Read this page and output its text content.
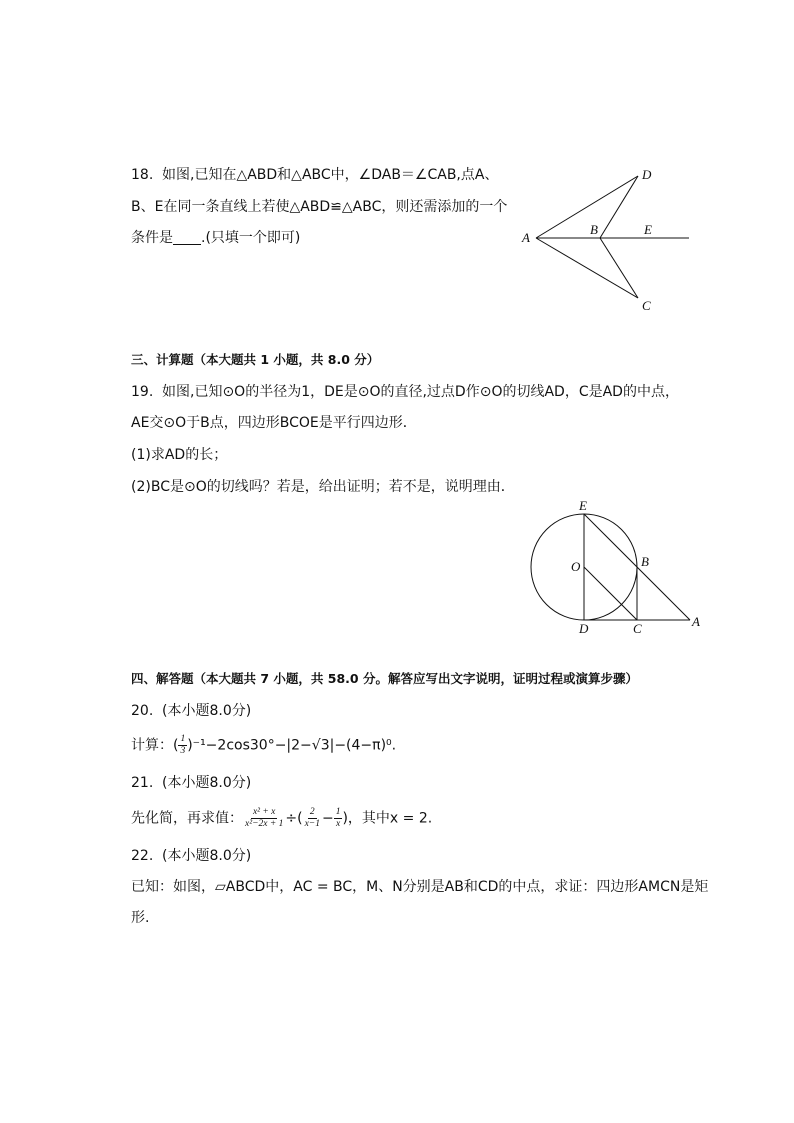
18. 如图,已知在△ABD和△ABC中，∠DAB＝∠CAB,点A、
B、E在同一条直线上若使△ABD≌△ABC，则还需添加的一个
条件是 .(只填一个即可)	A
B
D
C
E
三、计算题（本大题共 1 小题，共 8.0 分）
19. 如图,已知⊙O的半径为1，DE是⊙O的直径,过点D作⊙O的切线AD，C是AD的中点，
AE交⊙O于B点，四边形BCOE是平行四边形．
(1)求AD的长；
(2)BC是⊙O的切线吗？若是，给出证明；若不是，说明理由．
E
O	B
D	C	A
四、解答题（本大题共 7 小题，共 58.0 分。解答应写出文字说明，证明过程或演算步骤）
20. (本小题8.0分)
计算：( $\frac{1}{3} )^{-1}-2\cos 30^\circ-|2-√3|-(4-\pi)^0$.
21. (本小题8.0分)
先化简，再求值： $\frac{\text{x² + x}}{\text{x²−2x + 1}}$ ÷( $\frac{2}{x-1} - \frac{1}{x}$ )，其中x = 2.
22. (本小题8.0分)
已知：如图，▱ABCD中，AC = BC，M、N分别是AB和CD的中点，求证：四边形AMCN是矩
形.
